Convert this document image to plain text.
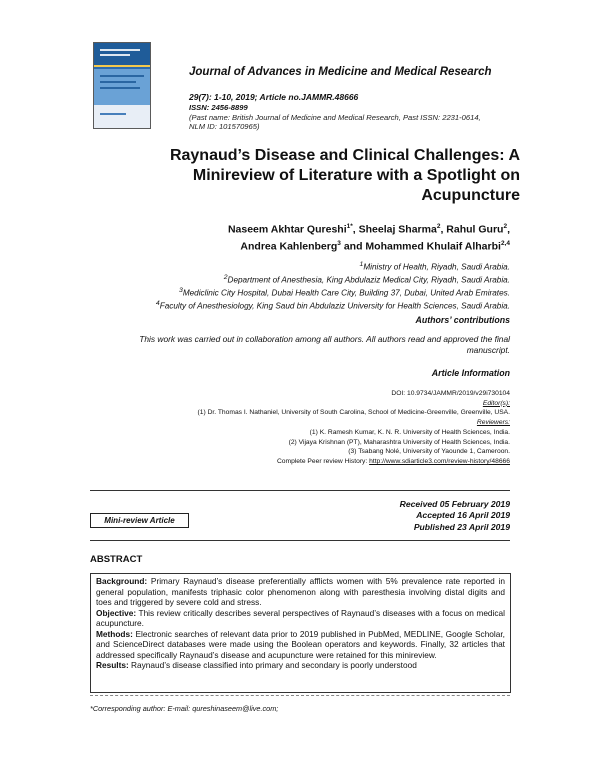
Journal of Advances in Medicine and Medical Research
29(7): 1-10, 2019; Article no.JAMMR.48666
ISSN: 2456-8899
(Past name: British Journal of Medicine and Medical Research, Past ISSN: 2231-0614,
NLM ID: 101570965)
Raynaud’s Disease and Clinical Challenges: A
Minireview of Literature with a Spotlight on
Acupuncture
Naseem Akhtar Qureshi$^{1*}$, Sheelaj Sharma$^2$, Rahul Guru$^2$,
Andrea Kahlenberg$^3$ and Mohammed Khulaif Alharbi$^{2,4}$
$^1$Ministry of Health, Riyadh, Saudi Arabia.
$^2$Department of Anesthesia, King Abdulaziz Medical City, Riyadh, Saudi Arabia.
$^3$Mediclinic City Hospital, Dubai Health Care City, Building 37, Dubai, United Arab Emirates.
$^4$Faculty of Anesthesiology, King Saud bin Abdulaziz University for Health Sciences, Saudi Arabia.
Authors’ contributions
This work was carried out in collaboration among all authors. All authors read and approved the final
manuscript.
Article Information
DOI: 10.9734/JAMMR/2019/v29i730104
Editor(s):
(1) Dr. Thomas I. Nathaniel, University of South Carolina, School of Medicine-Greenville, Greenville, USA.
Reviewers:
(1) K. Ramesh Kumar, K. N. R. University of Health Sciences, India.
(2) Vijaya Krishnan (PT), Maharashtra University of Health Sciences, India.
(3) Tsabang Nolé, University of Yaounde 1, Cameroon.
Complete Peer review History: http://www.sdiarticle3.com/review-history/48666
Mini-review Article
Received 05 February 2019
Accepted 16 April 2019
Published 23 April 2019
ABSTRACT

Background: Primary Raynaud’s disease preferentially afflicts women with 5% prevalence rate reported in general population, manifests triphasic color phenomenon along with paresthesia involving distal digits and toes and triggered by severe cold and stress.

Objective: This review critically describes several perspectives of Raynaud’s diseases with a focus on medical acupuncture.

Methods: Electronic searches of relevant data prior to 2019 published in PubMed, MEDLINE, Google Scholar, and ScienceDirect databases were made using the Boolean operators and keywords. Finally, 32 articles that addressed specifically Raynaud’s disease and acupuncture were retained for this minireview.

Results: Raynaud’s disease classified into primary and secondary is poorly understood

*Corresponding author: E-mail: qureshinaseem@live.com;
